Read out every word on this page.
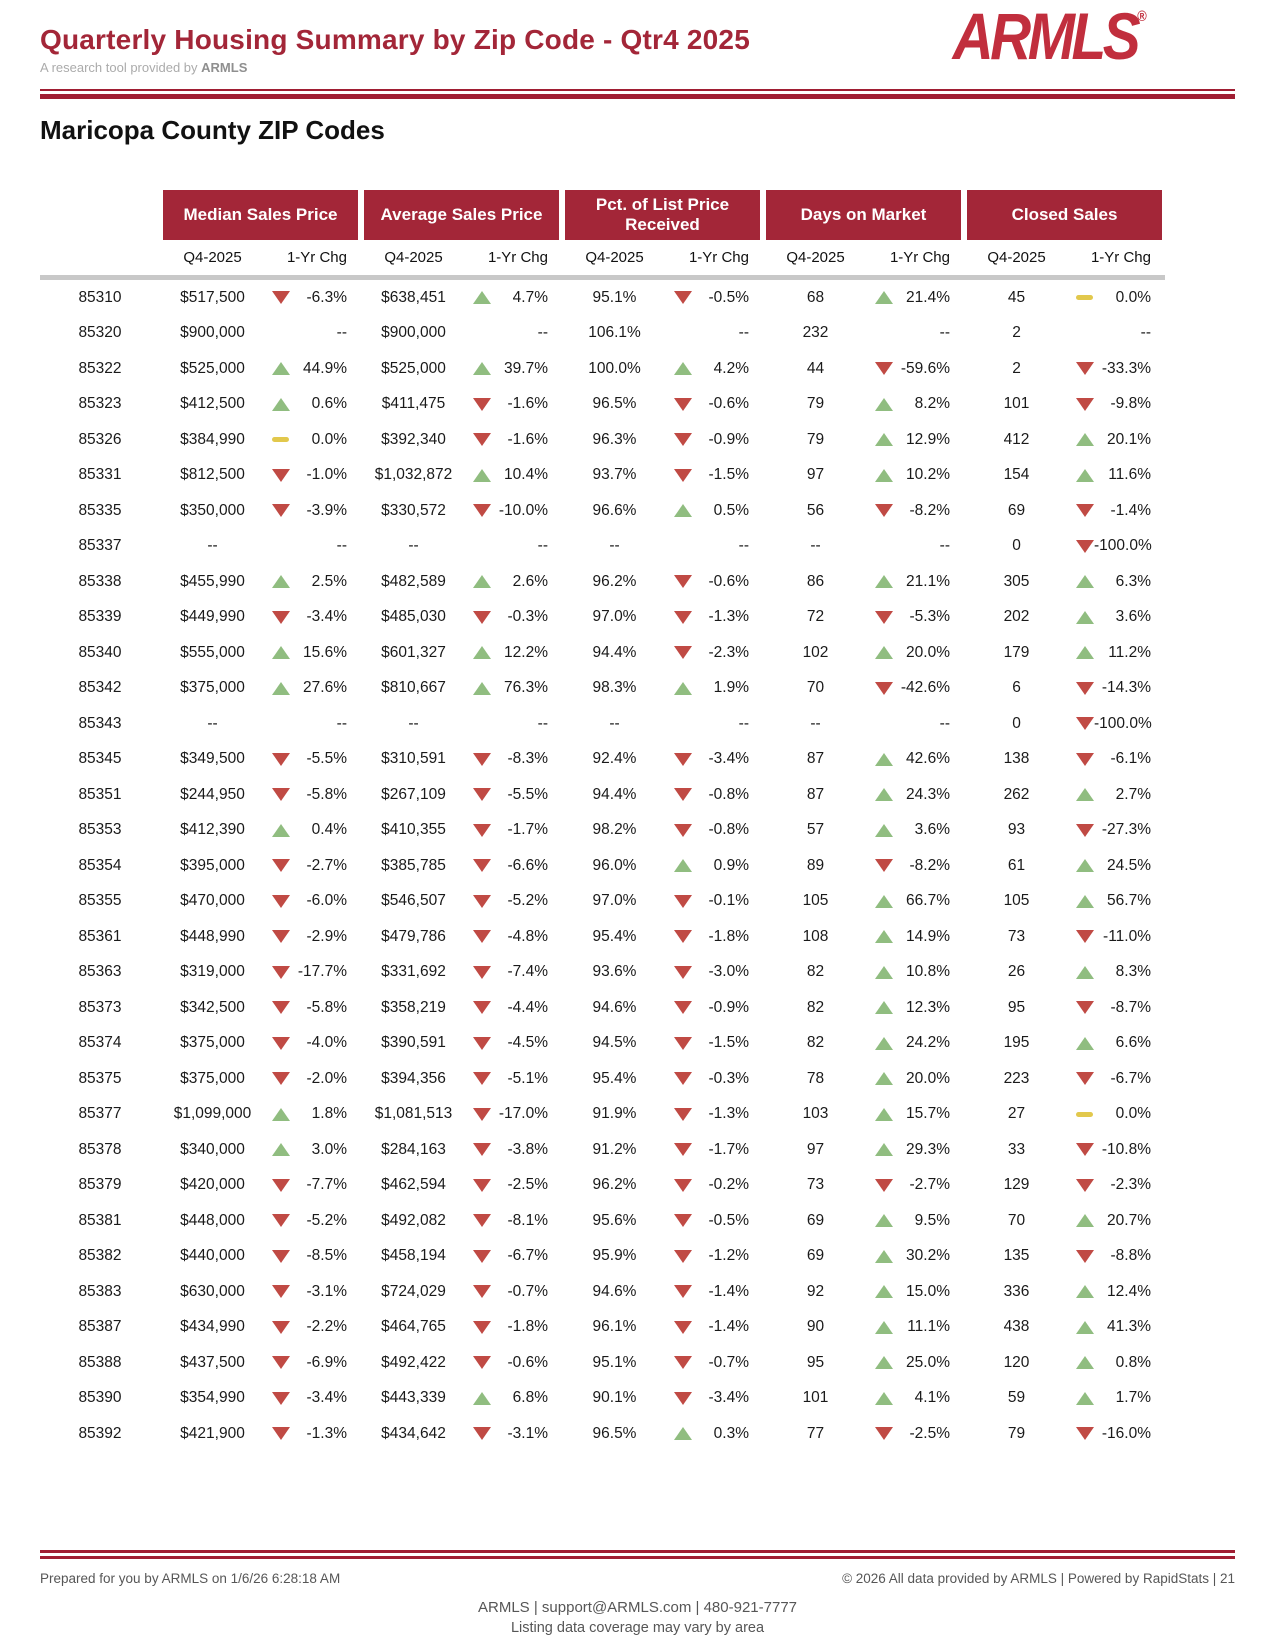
Quarterly Housing Summary by Zip Code - Qtr4 2025
A research tool provided by ARMLS	ARMLS®
Maricopa County ZIP Codes
Median Sales Price	Average Sales Price
Pct. of List Price Received
Days on Market	Closed Sales
Q4-2025	1-Yr Chg	Q4-2025	1-Yr Chg	Q4-2025	1-Yr Chg	Q4-2025	1-Yr Chg	Q4-2025	1-Yr Chg
85310	$517,500	-6.3%	$638,451	4.7%	95.1%	-0.5%	68	21.4%	45	0.0%
85320	$900,000	--	$900,000	--	106.1%	--	232	--	2	--
85322	$525,000	44.9%	$525,000	39.7%	100.0%	4.2%	44	-59.6%	2	-33.3%
85323	$412,500	0.6%	$411,475	-1.6%	96.5%	-0.6%	79	8.2%	101	-9.8%
85326	$384,990	0.0%	$392,340	-1.6%	96.3%	-0.9%	79	12.9%	412	20.1%
85331	$812,500	-1.0%	$1,032,872	10.4%	93.7%	-1.5%	97	10.2%	154	11.6%
85335	$350,000	-3.9%	$330,572	-10.0%	96.6%	0.5%	56	-8.2%	69	-1.4%
85337	--	--	--	--	--	--	--	--	0	-100.0%
85338	$455,990	2.5%	$482,589	2.6%	96.2%	-0.6%	86	21.1%	305	6.3%
85339	$449,990	-3.4%	$485,030	-0.3%	97.0%	-1.3%	72	-5.3%	202	3.6%
85340	$555,000	15.6%	$601,327	12.2%	94.4%	-2.3%	102	20.0%	179	11.2%
85342	$375,000	27.6%	$810,667	76.3%	98.3%	1.9%	70	-42.6%	6	-14.3%
85343	--	--	--	--	--	--	--	--	0	-100.0%
85345	$349,500	-5.5%	$310,591	-8.3%	92.4%	-3.4%	87	42.6%	138	-6.1%
85351	$244,950	-5.8%	$267,109	-5.5%	94.4%	-0.8%	87	24.3%	262	2.7%
85353	$412,390	0.4%	$410,355	-1.7%	98.2%	-0.8%	57	3.6%	93	-27.3%
85354	$395,000	-2.7%	$385,785	-6.6%	96.0%	0.9%	89	-8.2%	61	24.5%
85355	$470,000	-6.0%	$546,507	-5.2%	97.0%	-0.1%	105	66.7%	105	56.7%
85361	$448,990	-2.9%	$479,786	-4.8%	95.4%	-1.8%	108	14.9%	73	-11.0%
85363	$319,000	-17.7%	$331,692	-7.4%	93.6%	-3.0%	82	10.8%	26	8.3%
85373	$342,500	-5.8%	$358,219	-4.4%	94.6%	-0.9%	82	12.3%	95	-8.7%
85374	$375,000	-4.0%	$390,591	-4.5%	94.5%	-1.5%	82	24.2%	195	6.6%
85375	$375,000	-2.0%	$394,356	-5.1%	95.4%	-0.3%	78	20.0%	223	-6.7%
85377	$1,099,000	1.8%	$1,081,513	-17.0%	91.9%	-1.3%	103	15.7%	27	0.0%
85378	$340,000	3.0%	$284,163	-3.8%	91.2%	-1.7%	97	29.3%	33	-10.8%
85379	$420,000	-7.7%	$462,594	-2.5%	96.2%	-0.2%	73	-2.7%	129	-2.3%
85381	$448,000	-5.2%	$492,082	-8.1%	95.6%	-0.5%	69	9.5%	70	20.7%
85382	$440,000	-8.5%	$458,194	-6.7%	95.9%	-1.2%	69	30.2%	135	-8.8%
85383	$630,000	-3.1%	$724,029	-0.7%	94.6%	-1.4%	92	15.0%	336	12.4%
85387	$434,990	-2.2%	$464,765	-1.8%	96.1%	-1.4%	90	11.1%	438	41.3%
85388	$437,500	-6.9%	$492,422	-0.6%	95.1%	-0.7%	95	25.0%	120	0.8%
85390	$354,990	-3.4%	$443,339	6.8%	90.1%	-3.4%	101	4.1%	59	1.7%
85392	$421,900	-1.3%	$434,642	-3.1%	96.5%	0.3%	77	-2.5%	79	-16.0%
Prepared for you by ARMLS on 1/6/26 6:28:18 AM	© 2026 All data provided by ARMLS | Powered by RapidStats | 21
ARMLS | support@ARMLS.com | 480-921-7777
Listing data coverage may vary by area
